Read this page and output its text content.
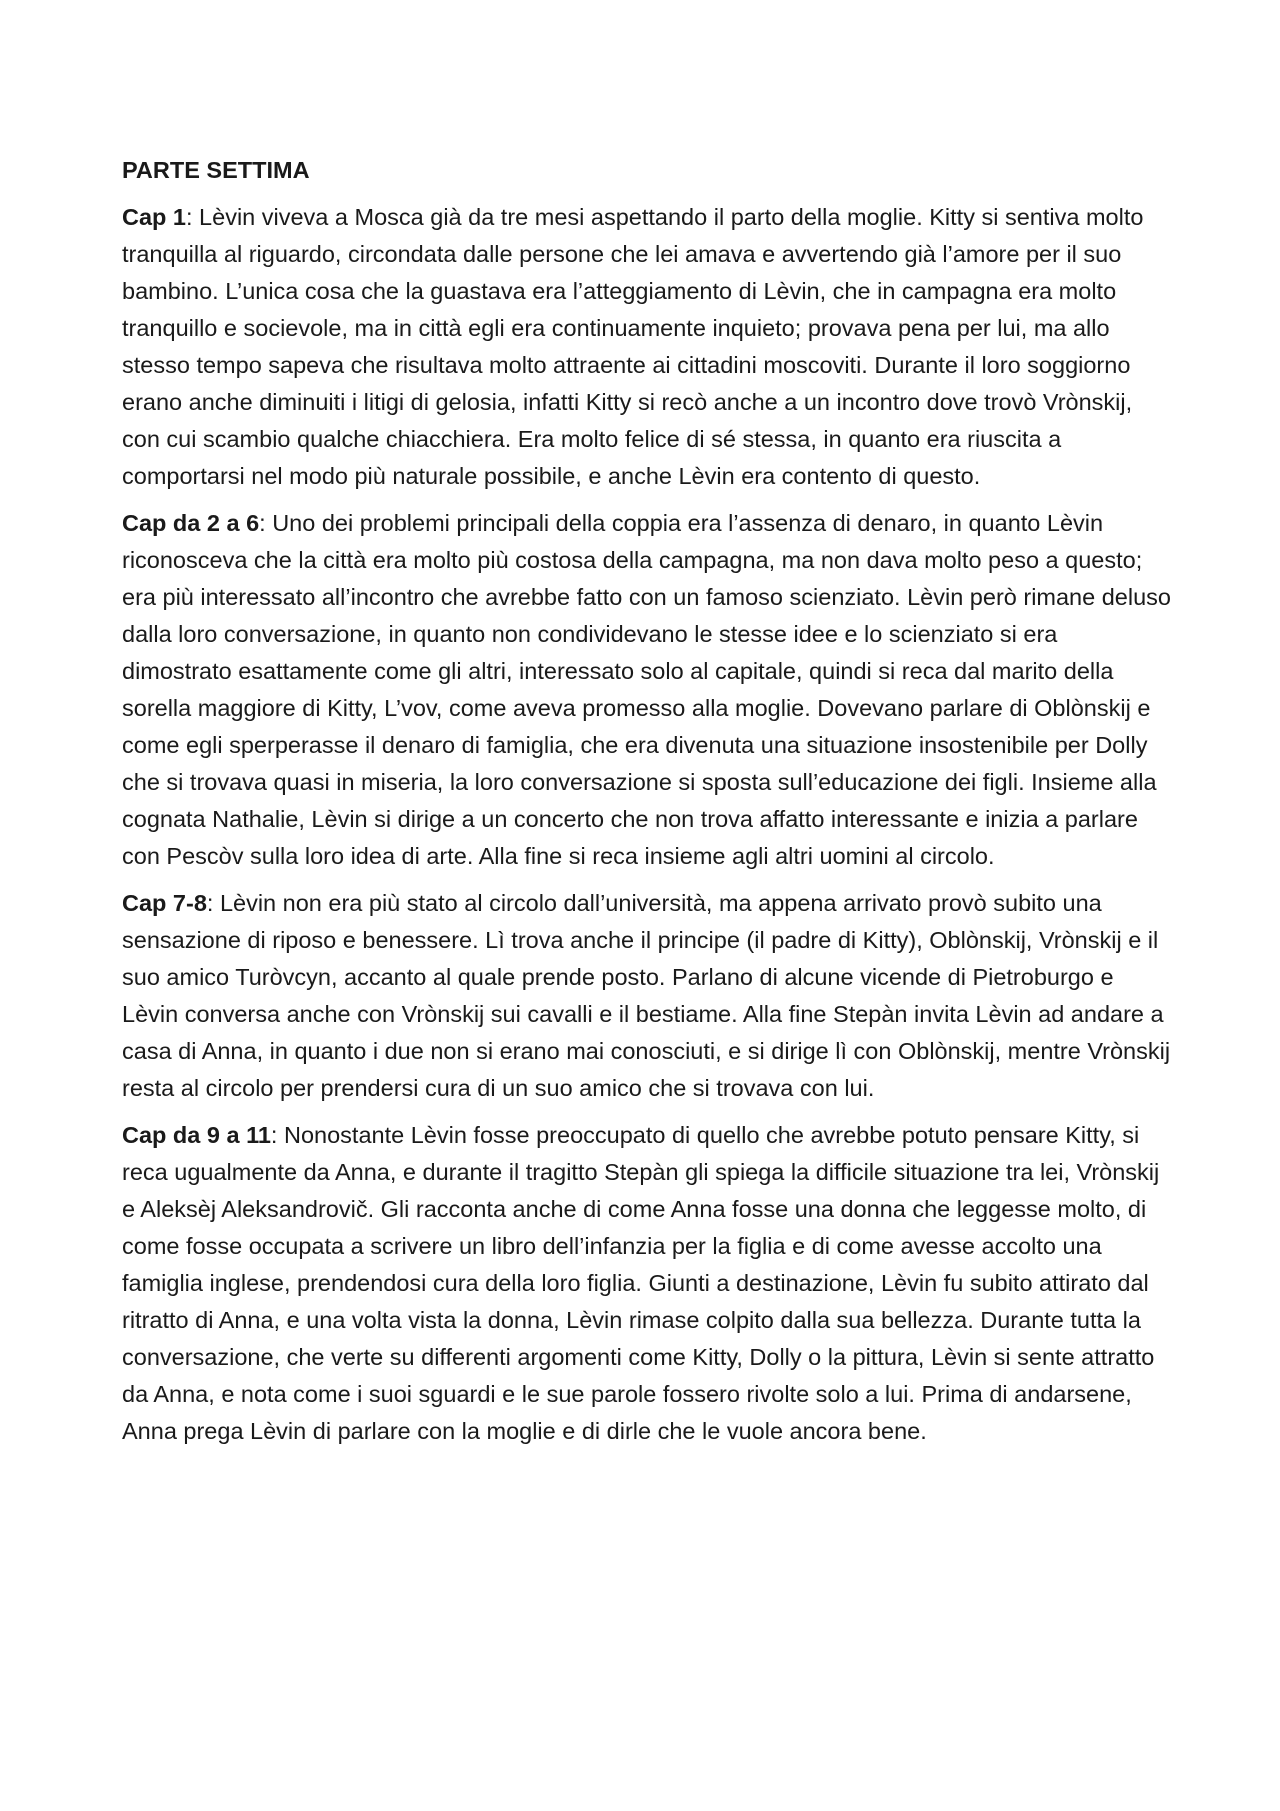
PARTE SETTIMA

Cap 1: Lèvin viveva a Mosca già da tre mesi aspettando il parto della moglie. Kitty si sentiva molto tranquilla al riguardo, circondata dalle persone che lei amava e avvertendo già l’amore per il suo bambino. L’unica cosa che la guastava era l’atteggiamento di Lèvin, che in campagna era molto tranquillo e socievole, ma in città egli era continuamente inquieto; provava pena per lui, ma allo stesso tempo sapeva che risultava molto attraente ai cittadini moscoviti. Durante il loro soggiorno erano anche diminuiti i litigi di gelosia, infatti Kitty si recò anche a un incontro dove trovò Vrònskij, con cui scambio qualche chiacchiera. Era molto felice di sé stessa, in quanto era riuscita a comportarsi nel modo più naturale possibile, e anche Lèvin era contento di questo.

Cap da 2 a 6: Uno dei problemi principali della coppia era l’assenza di denaro, in quanto Lèvin riconosceva che la città era molto più costosa della campagna, ma non dava molto peso a questo; era più interessato all’incontro che avrebbe fatto con un famoso scienziato. Lèvin però rimane deluso dalla loro conversazione, in quanto non condividevano le stesse idee e lo scienziato si era dimostrato esattamente come gli altri, interessato solo al capitale, quindi si reca dal marito della sorella maggiore di Kitty, L’vov, come aveva promesso alla moglie. Dovevano parlare di Oblònskij e come egli sperperasse il denaro di famiglia, che era divenuta una situazione insostenibile per Dolly che si trovava quasi in miseria, la loro conversazione si sposta sull’educazione dei figli. Insieme alla cognata Nathalie, Lèvin si dirige a un concerto che non trova affatto interessante e inizia a parlare con Pescòv sulla loro idea di arte. Alla fine si reca insieme agli altri uomini al circolo.

Cap 7-8: Lèvin non era più stato al circolo dall’università, ma appena arrivato provò subito una sensazione di riposo e benessere. Lì trova anche il principe (il padre di Kitty), Oblònskij, Vrònskij e il suo amico Turòvcyn, accanto al quale prende posto. Parlano di alcune vicende di Pietroburgo e Lèvin conversa anche con Vrònskij sui cavalli e il bestiame. Alla fine Stepàn invita Lèvin ad andare a casa di Anna, in quanto i due non si erano mai conosciuti, e si dirige lì con Oblònskij, mentre Vrònskij resta al circolo per prendersi cura di un suo amico che si trovava con lui.

Cap da 9 a 11: Nonostante Lèvin fosse preoccupato di quello che avrebbe potuto pensare Kitty, si reca ugualmente da Anna, e durante il tragitto Stepàn gli spiega la difficile situazione tra lei, Vrònskij e Aleksèj Aleksandrovič. Gli racconta anche di come Anna fosse una donna che leggesse molto, di come fosse occupata a scrivere un libro dell’infanzia per la figlia e di come avesse accolto una famiglia inglese, prendendosi cura della loro figlia. Giunti a destinazione, Lèvin fu subito attirato dal ritratto di Anna, e una volta vista la donna, Lèvin rimase colpito dalla sua bellezza. Durante tutta la conversazione, che verte su differenti argomenti come Kitty, Dolly o la pittura, Lèvin si sente attratto da Anna, e nota come i suoi sguardi e le sue parole fossero rivolte solo a lui. Prima di andarsene, Anna prega Lèvin di parlare con la moglie e di dirle che le vuole ancora bene.
